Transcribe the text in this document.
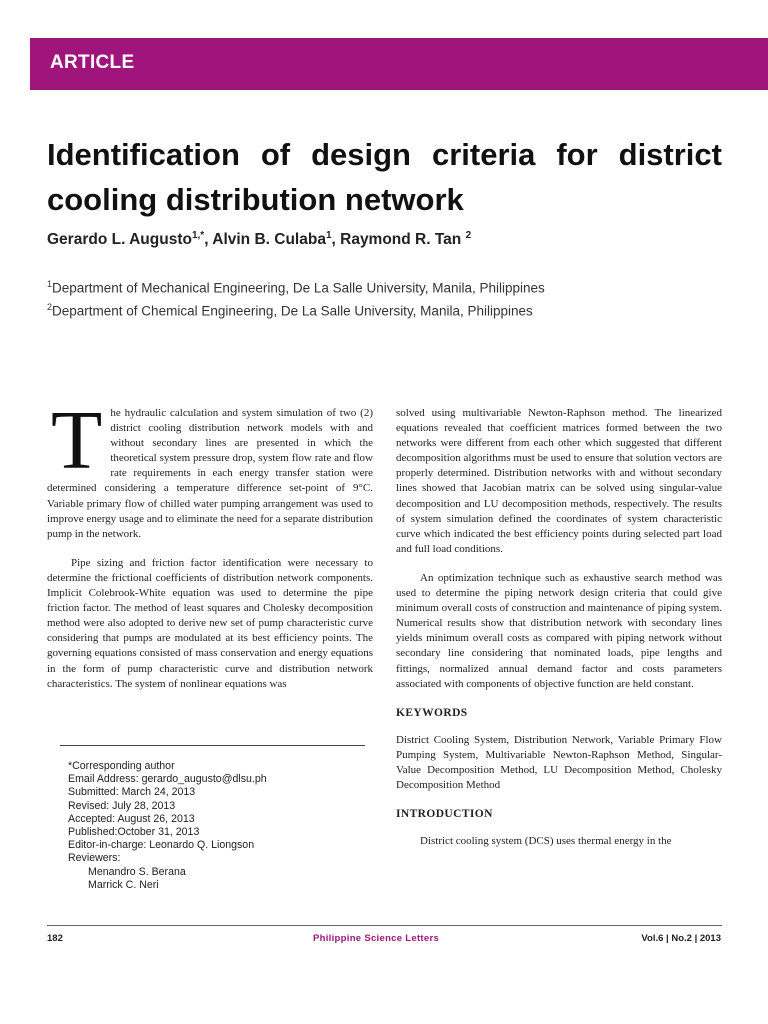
ARTICLE
Identification of design criteria for district cooling distribution network
Gerardo L. Augusto$^{1,*}$, Alvin B. Culaba$^1$, Raymond R. Tan $^2$
$^1$Department of Mechanical Engineering, De La Salle University, Manila, Philippines
$^2$Department of Chemical Engineering, De La Salle University, Manila, Philippines

The hydraulic calculation and system simulation of two (2) district cooling distribution network models with and without secondary lines are presented in which the theoretical system pressure drop, system flow rate and flow rate requirements in each energy transfer station were determined considering a temperature difference set-point of 9°C. Variable primary flow of chilled water pumping arrangement was used to improve energy usage and to eliminate the need for a separate distribution pump in the network.

Pipe sizing and friction factor identification were necessary to determine the frictional coefficients of distribution network components. Implicit Colebrook-White equation was used to determine the pipe friction factor. The method of least squares and Cholesky decomposition method were also adopted to derive new set of pump characteristic curve considering that pumps are modulated at its best efficiency points. The governing equations consisted of mass conservation and energy equations in the form of pump characteristic curve and distribution network characteristics. The system of nonlinear equations was

*Corresponding author
Email Address: gerardo_augusto@dlsu.ph
Submitted: March 24, 2013
Revised: July 28, 2013
Accepted: August 26, 2013
Published:October 31, 2013
Editor-in-charge: Leonardo Q. Liongson
Reviewers:
Menandro S. Berana
Marrick C. Neri

solved using multivariable Newton-Raphson method. The linearized equations revealed that coefficient matrices formed between the two networks were different from each other which suggested that different decomposition algorithms must be used to ensure that solution vectors are properly determined. Distribution networks with and without secondary lines showed that Jacobian matrix can be solved using singular-value decomposition and LU decomposition methods, respectively. The results of system simulation defined the coordinates of system characteristic curve which indicated the best efficiency points during selected part load and full load conditions.

An optimization technique such as exhaustive search method was used to determine the piping network design criteria that could give minimum overall costs of construction and maintenance of piping system. Numerical results show that distribution network with secondary lines yields minimum overall costs as compared with piping network without secondary line considering that nominated loads, pipe lengths and fittings, normalized annual demand factor and costs parameters associated with components of objective function are held constant.

KEYWORDS

District Cooling System, Distribution Network, Variable Primary Flow Pumping System, Multivariable Newton-Raphson Method, Singular-Value Decomposition Method, LU Decomposition Method, Cholesky Decomposition Method

INTRODUCTION

District cooling system (DCS) uses thermal energy in the

182	Philippine Science Letters	Vol.6 | No.2 | 2013
